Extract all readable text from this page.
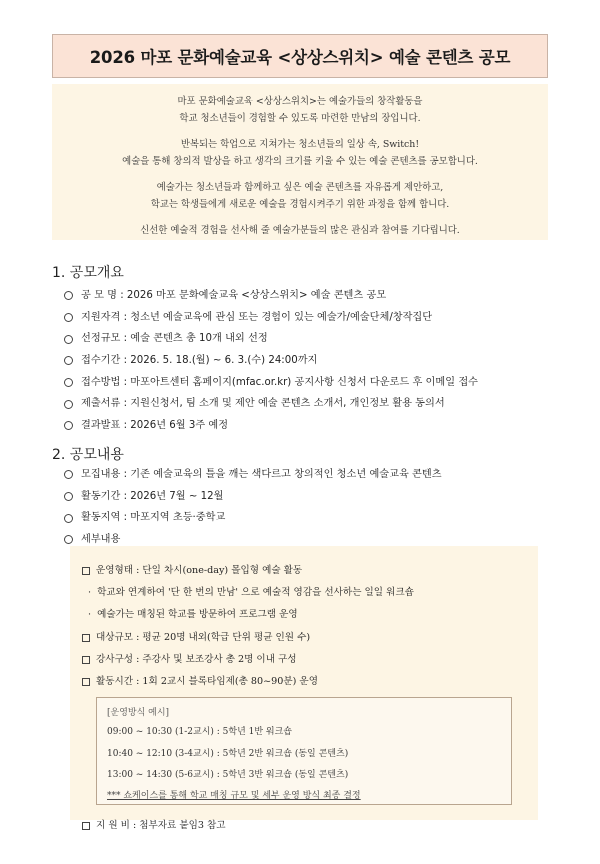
2026 마포 문화예술교육 <상상스위치> 예술 콘텐츠 공모

마포 문화예술교육 <상상스위치>는 예술가들의 창작활동을
학교 청소년들이 경험할 수 있도록 마련한 만남의 장입니다.

반복되는 학업으로 지쳐가는 청소년들의 일상 속, Switch!
예술을 통해 창의적 발상을 하고 생각의 크기를 키울 수 있는 예술 콘텐츠를 공모합니다.

예술가는 청소년들과 함께하고 싶은 예술 콘텐츠를 자유롭게 제안하고,
학교는 학생들에게 새로운 예술을 경험시켜주기 위한 과정을 함께 합니다.

신선한 예술적 경험을 선사해 줄 예술가분들의 많은 관심과 참여를 기다립니다.

1. 공모개요
공 모 명 : 2026 마포 문화예술교육 <상상스위치> 예술 콘텐츠 공모
지원자격 : 청소년 예술교육에 관심 또는 경험이 있는 예술가/예술단체/창작집단
선정규모 : 예술 콘텐츠 총 10개 내외 선정
접수기간 : 2026. 5. 18.(월) ~ 6. 3.(수) 24:00까지
접수방법 : 마포아트센터 홈페이지(mfac.or.kr) 공지사항 신청서 다운로드 후 이메일 접수
제출서류 : 지원신청서, 팀 소개 및 제안 예술 콘텐츠 소개서, 개인정보 활용 동의서
결과발표 : 2026년 6월 3주 예정
2. 공모내용
모집내용 : 기존 예술교육의 틀을 깨는 색다르고 창의적인 청소년 예술교육 콘텐츠
활동기간 : 2026년 7월 ~ 12월
활동지역 : 마포지역 초등·중학교
세부내용
운영형태 : 단일 차시(one-day) 몰입형 예술 활동
· 학교와 연계하여 '단 한 번의 만남' 으로 예술적 영감을 선사하는 일일 워크숍
· 예술가는 매칭된 학교를 방문하여 프로그램 운영
대상규모 : 평균 20명 내외(학급 단위 평균 인원 수)
강사구성 : 주강사 및 보조강사 총 2명 이내 구성
활동시간 : 1회 2교시 블록타임제(총 80~90분) 운영
[운영방식 예시]
09:00 ~ 10:30 (1-2교시) : 5학년 1반 워크숍
10:40 ~ 12:10 (3-4교시) : 5학년 2반 워크숍 (동일 콘텐츠)
13:00 ~ 14:30 (5-6교시) : 5학년 3반 워크숍 (동일 콘텐츠)
*** 쇼케이스를 통해 학교 매칭 규모 및 세부 운영 방식 최종 결정
지 원 비 : 첨부자료 붙임3 참고
